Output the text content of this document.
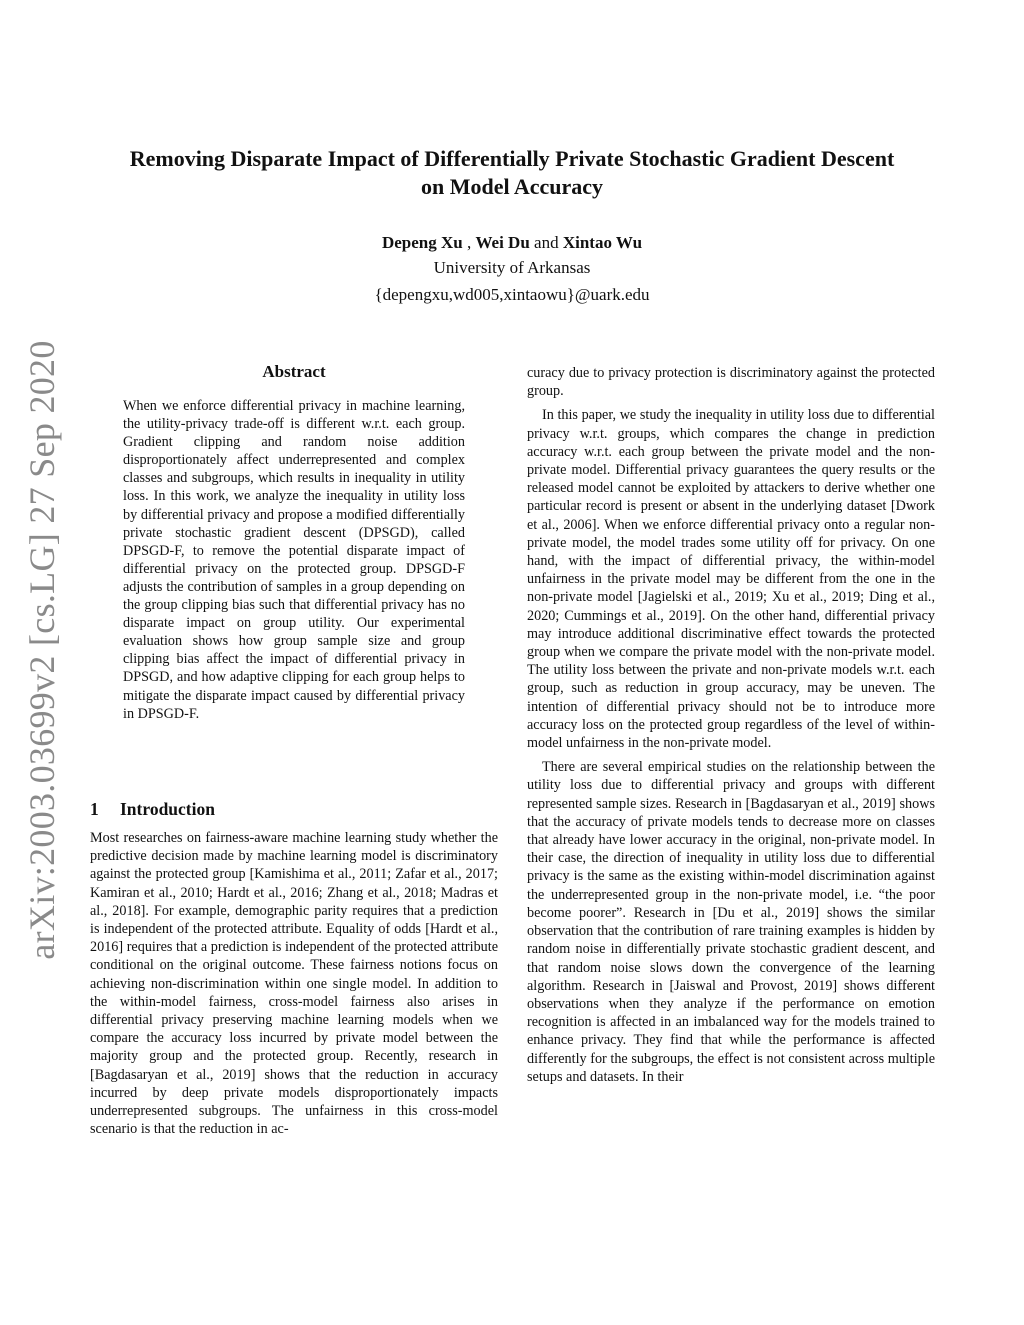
arXiv:2003.03699v2 [cs.LG] 27 Sep 2020
Removing Disparate Impact of Differentially Private Stochastic Gradient Descent
on Model Accuracy
Depeng Xu , Wei Du and Xintao Wu
University of Arkansas
{depengxu,wd005,xintaowu}@uark.edu
Abstract

When we enforce differential privacy in machine learning, the utility-privacy trade-off is different w.r.t. each group. Gradient clipping and random noise addition disproportionately affect underrepresented and complex classes and subgroups, which results in inequality in utility loss. In this work, we analyze the inequality in utility loss by differential privacy and propose a modified differentially private stochastic gradient descent (DPSGD), called DPSGD-F, to remove the potential disparate impact of differential privacy on the protected group. DPSGD-F adjusts the contribution of samples in a group depending on the group clipping bias such that differential privacy has no disparate impact on group utility. Our experimental evaluation shows how group sample size and group clipping bias affect the impact of differential privacy in DPSGD, and how adaptive clipping for each group helps to mitigate the disparate impact caused by differential privacy in DPSGD-F.

1 Introduction

Most researches on fairness-aware machine learning study whether the predictive decision made by machine learning model is discriminatory against the protected group [Kamishima et al., 2011; Zafar et al., 2017; Kamiran et al., 2010; Hardt et al., 2016; Zhang et al., 2018; Madras et al., 2018]. For example, demographic parity requires that a prediction is independent of the protected attribute. Equality of odds [Hardt et al., 2016] requires that a prediction is independent of the protected attribute conditional on the original outcome. These fairness notions focus on achieving non-discrimination within one single model. In addition to the within-model fairness, cross-model fairness also arises in differential privacy preserving machine learning models when we compare the accuracy loss incurred by private model between the majority group and the protected group. Recently, research in [Bagdasaryan et al., 2019] shows that the reduction in accuracy incurred by deep private models disproportionately impacts underrepresented subgroups. The unfairness in this cross-model scenario is that the reduction in ac-

curacy due to privacy protection is discriminatory against the protected group.

In this paper, we study the inequality in utility loss due to differential privacy w.r.t. groups, which compares the change in prediction accuracy w.r.t. each group between the private model and the non-private model. Differential privacy guarantees the query results or the released model cannot be exploited by attackers to derive whether one particular record is present or absent in the underlying dataset [Dwork et al., 2006]. When we enforce differential privacy onto a regular non-private model, the model trades some utility off for privacy. On one hand, with the impact of differential privacy, the within-model unfairness in the private model may be different from the one in the non-private model [Jagielski et al., 2019; Xu et al., 2019; Ding et al., 2020; Cummings et al., 2019]. On the other hand, differential privacy may introduce additional discriminative effect towards the protected group when we compare the private model with the non-private model. The utility loss between the private and non-private models w.r.t. each group, such as reduction in group accuracy, may be uneven. The intention of differential privacy should not be to introduce more accuracy loss on the protected group regardless of the level of within-model unfairness in the non-private model.

There are several empirical studies on the relationship between the utility loss due to differential privacy and groups with different represented sample sizes. Research in [Bagdasaryan et al., 2019] shows that the accuracy of private models tends to decrease more on classes that already have lower accuracy in the original, non-private model. In their case, the direction of inequality in utility loss due to differential privacy is the same as the existing within-model discrimination against the underrepresented group in the non-private model, i.e. “the poor become poorer”. Research in [Du et al., 2019] shows the similar observation that the contribution of rare training examples is hidden by random noise in differentially private stochastic gradient descent, and that random noise slows down the convergence of the learning algorithm. Research in [Jaiswal and Provost, 2019] shows different observations when they analyze if the performance on emotion recognition is affected in an imbalanced way for the models trained to enhance privacy. They find that while the performance is affected differently for the subgroups, the effect is not consistent across multiple setups and datasets. In their
